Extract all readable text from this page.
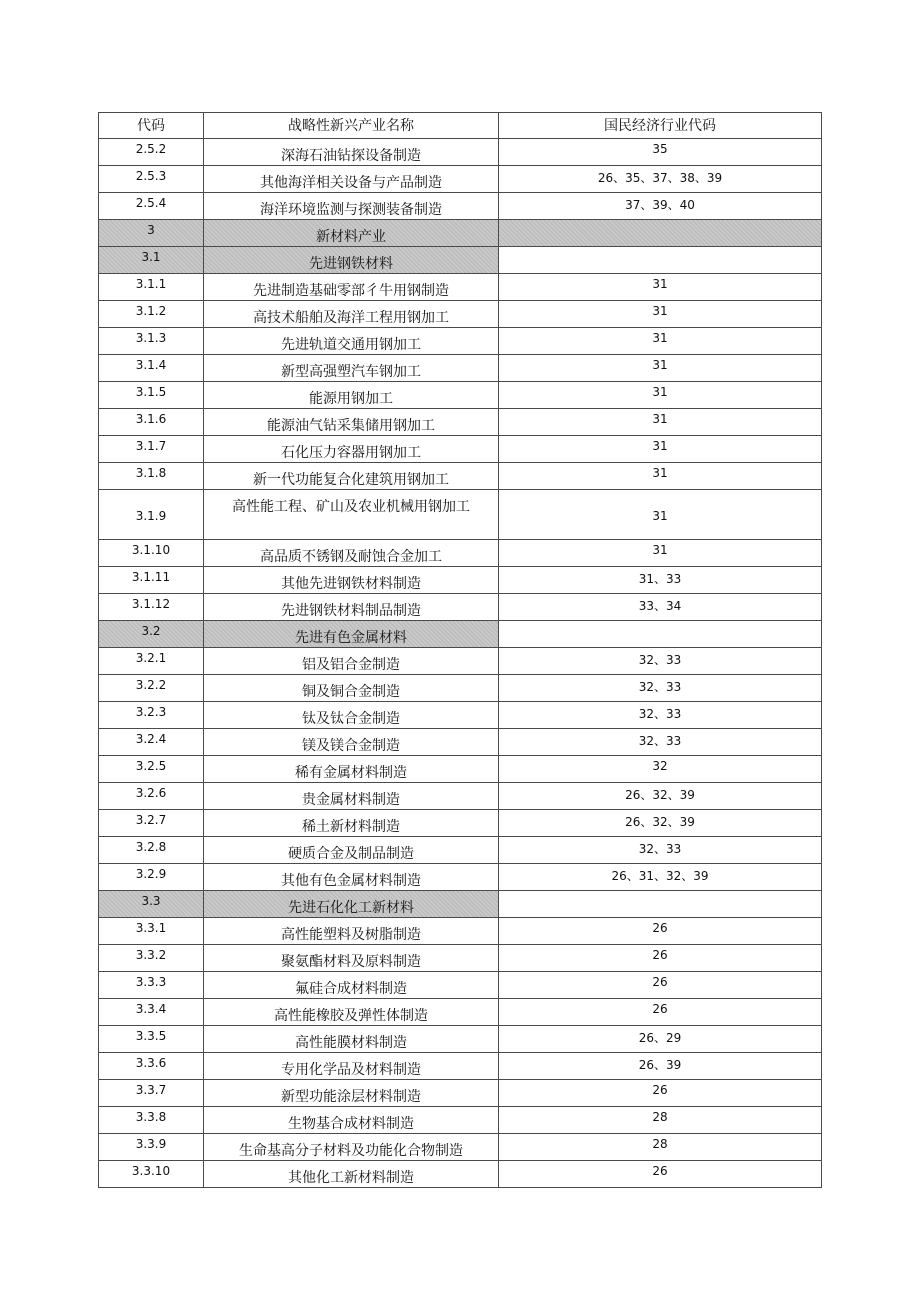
代码	战略性新兴产业名称	国民经济行业代码
2.5.2	深海石油钻探设备制造	35
2.5.3	其他海洋相关设备与产品制造	26、35、37、38、39
2.5.4	海洋环境监测与探测装备制造	37、39、40
3	新材料产业	
3.1	先进钢铁材料	
3.1.1	先进制造基础零部彳牛用钢制造	31
3.1.2	高技术船舶及海洋工程用钢加工	31
3.1.3	先进轨道交通用钢加工	31
3.1.4	新型高强塑汽车钢加工	31
3.1.5	能源用钢加工	31
3.1.6	能源油气钻采集储用钢加工	31
3.1.7	石化压力容器用钢加工	31
3.1.8	新一代功能复合化建筑用钢加工	31
3.1.9	高性能工程、矿山及农业机械用钢加工	31
3.1.10	高品质不锈钢及耐蚀合金加工	31
3.1.11	其他先进钢铁材料制造	31、33
3.1.12	先进钢铁材料制品制造	33、34
3.2	先进有色金属材料	
3.2.1	铝及铝合金制造	32、33
3.2.2	铜及铜合金制造	32、33
3.2.3	钛及钛合金制造	32、33
3.2.4	镁及镁合金制造	32、33
3.2.5	稀有金属材料制造	32
3.2.6	贵金属材料制造	26、32、39
3.2.7	稀土新材料制造	26、32、39
3.2.8	硬质合金及制品制造	32、33
3.2.9	其他有色金属材料制造	26、31、32、39
3.3	先进石化化工新材料	
3.3.1	高性能塑料及树脂制造	26
3.3.2	聚氨酯材料及原料制造	26
3.3.3	氟硅合成材料制造	26
3.3.4	高性能橡胶及弹性体制造	26
3.3.5	高性能膜材料制造	26、29
3.3.6	专用化学品及材料制造	26、39
3.3.7	新型功能涂层材料制造	26
3.3.8	生物基合成材料制造	28
3.3.9	生命基高分子材料及功能化合物制造	28
3.3.10	其他化工新材料制造	26
